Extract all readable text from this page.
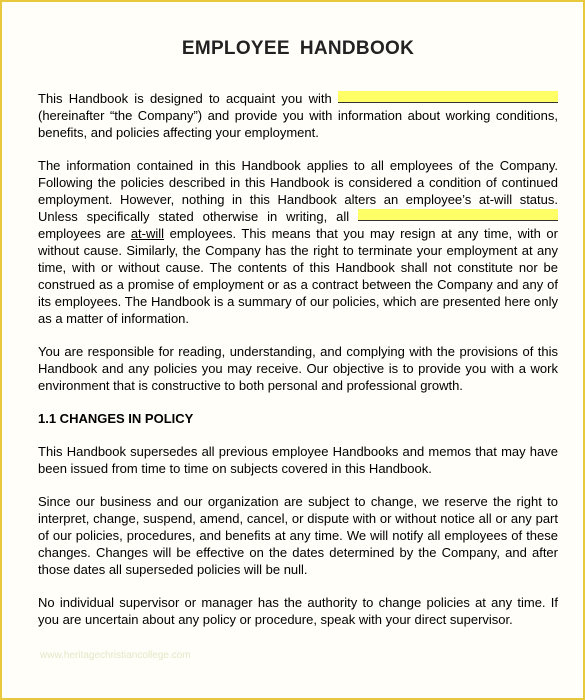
EMPLOYEE HANDBOOK

This Handbook is designed to acquaint you with  (hereinafter “the Company”) and provide you with information about working conditions, benefits, and policies affecting your employment.

The information contained in this Handbook applies to all employees of the Company. Following the policies described in this Handbook is considered a condition of continued employment. However, nothing in this Handbook alters an employee’s at-will status. Unless specifically stated otherwise in writing, all  employees are at-will employees. This means that you may resign at any time, with or without cause. Similarly, the Company has the right to terminate your employment at any time, with or without cause. The contents of this Handbook shall not constitute nor be construed as a promise of employment or as a contract between the Company and any of its employees. The Handbook is a summary of our policies, which are presented here only as a matter of information.

You are responsible for reading, understanding, and complying with the provisions of this Handbook and any policies you may receive. Our objective is to provide you with a work environment that is constructive to both personal and professional growth.

1.1 CHANGES IN POLICY

This Handbook supersedes all previous employee Handbooks and memos that may have been issued from time to time on subjects covered in this Handbook.

Since our business and our organization are subject to change, we reserve the right to interpret, change, suspend, amend, cancel, or dispute with or without notice all or any part of our policies, procedures, and benefits at any time. We will notify all employees of these changes. Changes will be effective on the dates determined by the Company, and after those dates all superseded policies will be null.

No individual supervisor or manager has the authority to change policies at any time. If you are uncertain about any policy or procedure, speak with your direct supervisor.

www.heritagechristiancollege.com
